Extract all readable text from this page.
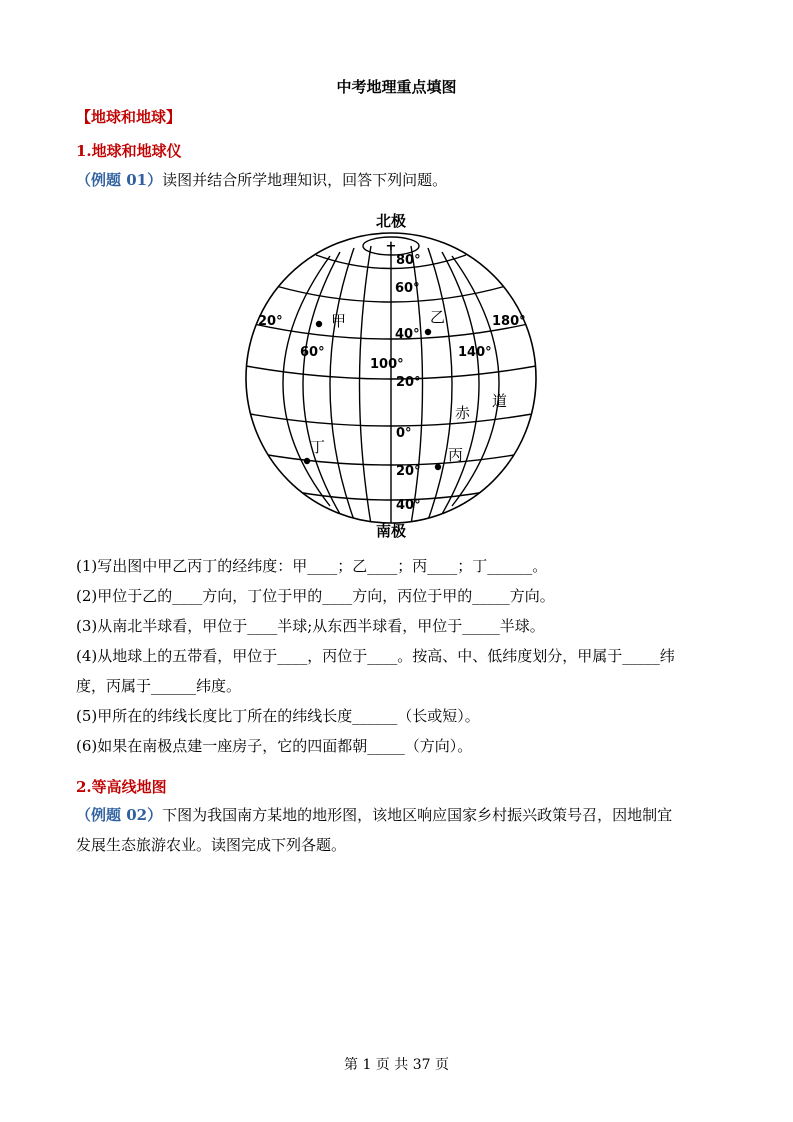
中考地理重点填图
【地球和地球】
1.地球和地球仪
（例题 01）读图并结合所学地理知识，回答下列问题。
北极
+
80°
60°
40°
20°
0°
20°
40°
20°
60°
100°
140°
180°
赤
道
甲	乙
丙
丁
南极
(1)写出图中甲乙丙丁的经纬度：甲____；乙____；丙____；丁______。
(2)甲位于乙的____方向，丁位于甲的____方向，丙位于甲的_____方向。
(3)从南北半球看，甲位于____半球;从东西半球看，甲位于_____半球。
(4)从地球上的五带看，甲位于____，丙位于____。按高、中、低纬度划分，甲属于_____纬
度，丙属于______纬度。
(5)甲所在的纬线长度比丁所在的纬线长度______（长或短）。
(6)如果在南极点建一座房子，它的四面都朝_____（方向）。
2.等高线地图
（例题 02）下图为我国南方某地的地形图，该地区响应国家乡村振兴政策号召，因地制宜
发展生态旅游农业。读图完成下列各题。
第 1 页 共 37 页
